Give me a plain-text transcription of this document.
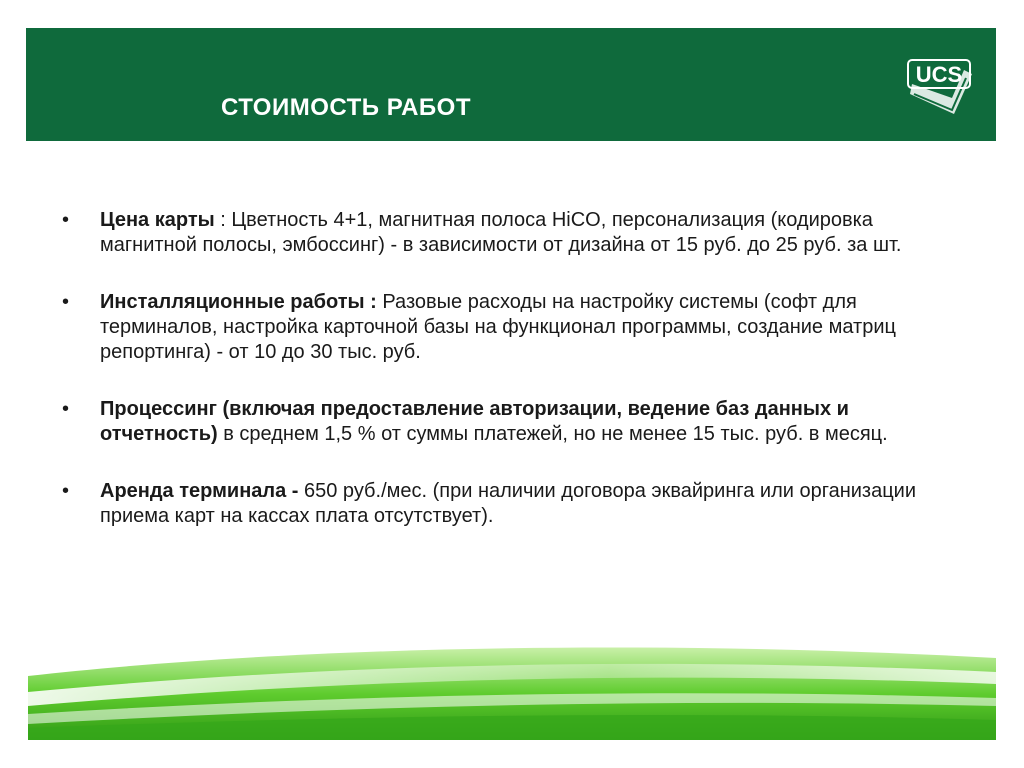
СТОИМОСТЬ РАБОТ
UCS
• Цена карты : Цветность 4+1, магнитная полоса HiCO, персонализация (кодировка магнитной полосы, эмбоссинг) - в зависимости от дизайна от 15 руб. до 25 руб. за шт.
• Инсталляционные работы : Разовые расходы на настройку системы (софт для терминалов, настройка карточной базы на функционал программы, создание матриц репортинга) - от 10 до 30 тыс. руб.
• Процессинг (включая предоставление авторизации, ведение баз данных и отчетность) в среднем 1,5 % от суммы платежей, но не менее 15 тыс. руб. в месяц.
• Аренда терминала - 650 руб./мес. (при наличии договора эквайринга или организации приема карт на кассах плата отсутствует).
